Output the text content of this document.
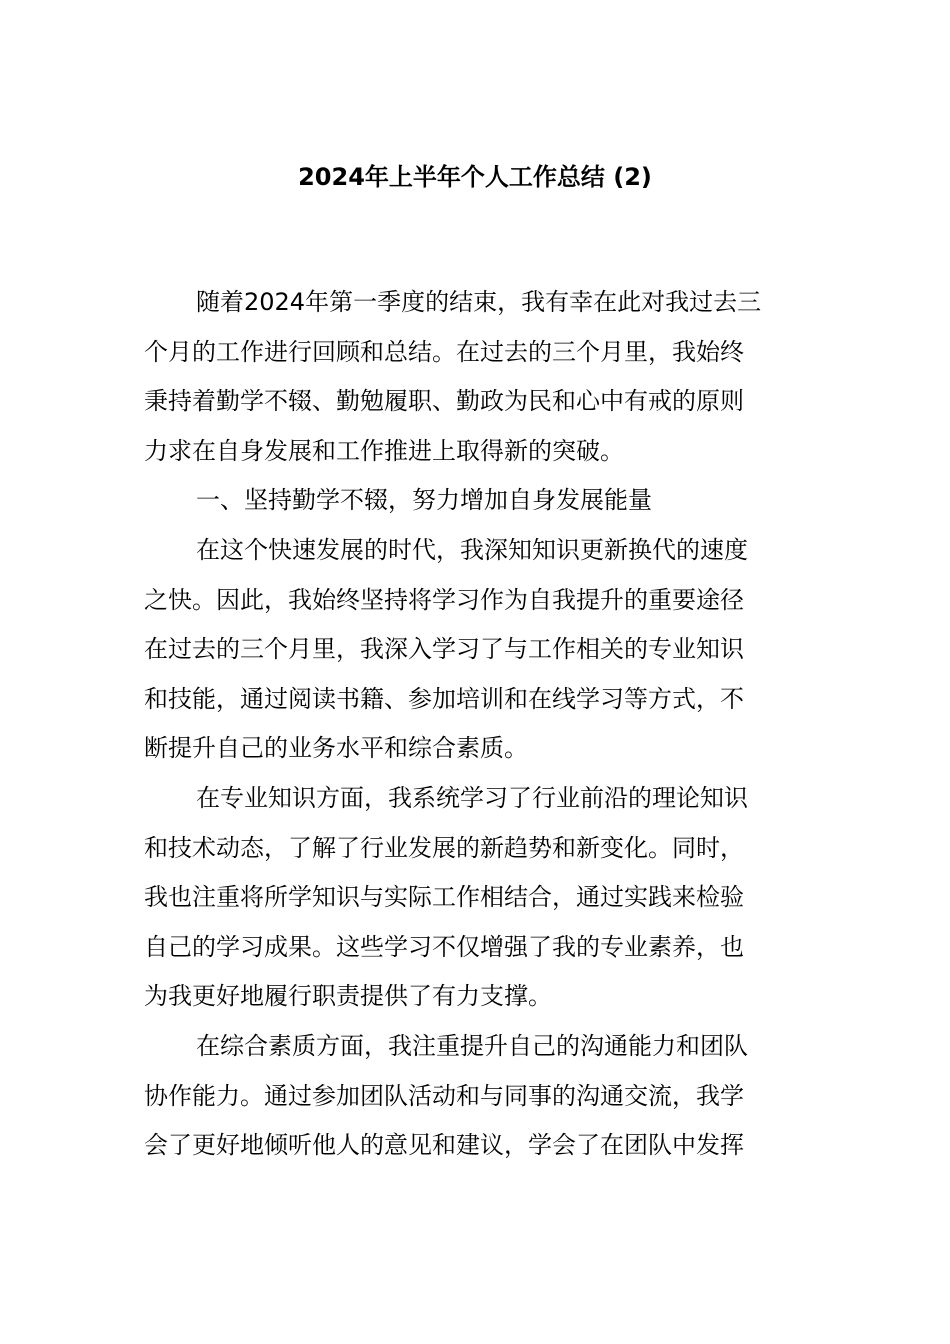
2024年上半年个人工作总结 (2)
随着2024年第一季度的结束，我有幸在此对我过去三
个月的工作进行回顾和总结。在过去的三个月里，我始终
秉持着勤学不辍、勤勉履职、勤政为民和心中有戒的原则
力求在自身发展和工作推进上取得新的突破。
一、坚持勤学不辍，努力增加自身发展能量
在这个快速发展的时代，我深知知识更新换代的速度
之快。因此，我始终坚持将学习作为自我提升的重要途径
在过去的三个月里，我深入学习了与工作相关的专业知识
和技能，通过阅读书籍、参加培训和在线学习等方式，不
断提升自己的业务水平和综合素质。
在专业知识方面，我系统学习了行业前沿的理论知识
和技术动态，了解了行业发展的新趋势和新变化。同时，
我也注重将所学知识与实际工作相结合，通过实践来检验
自己的学习成果。这些学习不仅增强了我的专业素养，也
为我更好地履行职责提供了有力支撑。
在综合素质方面，我注重提升自己的沟通能力和团队
协作能力。通过参加团队活动和与同事的沟通交流，我学
会了更好地倾听他人的意见和建议，学会了在团队中发挥
